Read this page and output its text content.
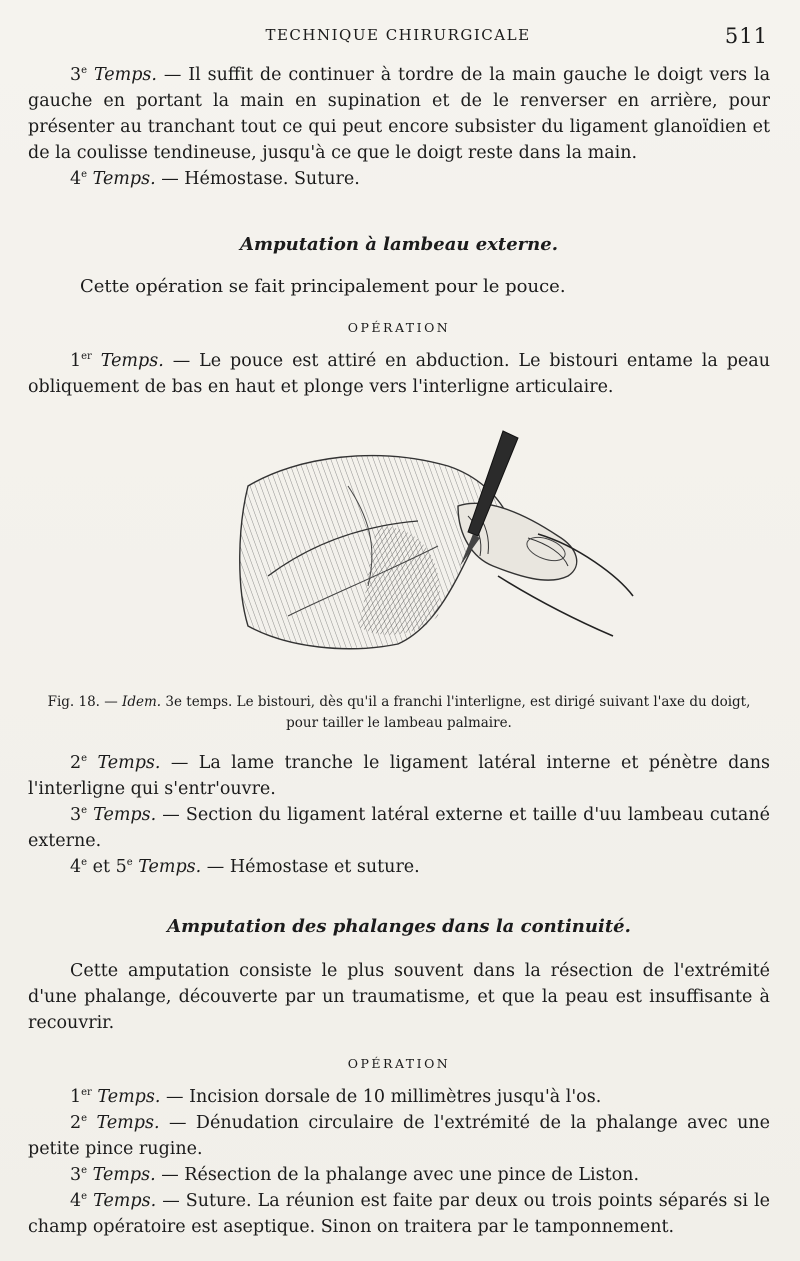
TECHNIQUE CHIRURGICALE	511

3e Temps. — Il suffit de continuer à tordre de la main gauche le doigt vers la gauche en portant la main en supination et de le renverser en arrière, pour présenter au tranchant tout ce qui peut encore subsister du ligament glanoïdien et de la coulisse tendineuse, jusqu'à ce que le doigt reste dans la main.

4e Temps. — Hémostase. Suture.

Amputation à lambeau externe.

Cette opération se fait principalement pour le pouce.

OPÉRATION

1er Temps. — Le pouce est attiré en abduction. Le bistouri entame la peau obliquement de bas en haut et plonge vers l'interligne articulaire.

Fig. 18. — Idem. 3e temps. Le bistouri, dès qu'il a franchi l'interligne, est dirigé suivant l'axe du doigt, pour tailler le lambeau palmaire.

2e Temps. — La lame tranche le ligament latéral interne et pénètre dans l'interligne qui s'entr'ouvre.

3e Temps. — Section du ligament latéral externe et taille d'uu lambeau cutané externe.

4e et 5e Temps. — Hémostase et suture.

Amputation des phalanges dans la continuité.

Cette amputation consiste le plus souvent dans la résection de l'extrémité d'une phalange, découverte par un traumatisme, et que la peau est insuffisante à recouvrir.

OPÉRATION

1er Temps. — Incision dorsale de 10 millimètres jusqu'à l'os.

2e Temps. — Dénudation circulaire de l'extrémité de la phalange avec une petite pince rugine.

3e Temps. — Résection de la phalange avec une pince de Liston.

4e Temps. — Suture. La réunion est faite par deux ou trois points séparés si le champ opératoire est aseptique. Sinon on traitera par le tamponnement.
